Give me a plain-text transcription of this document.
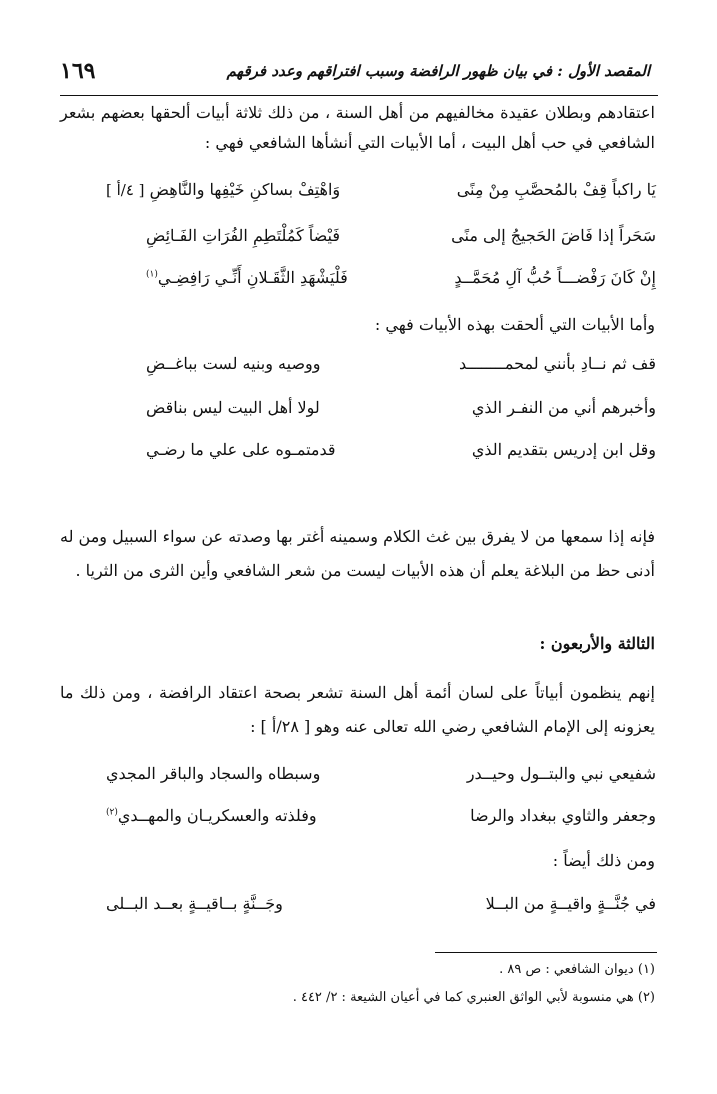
المقصد الأول : في بيان ظهور الرافضة وسبب افتراقهم وعدد فرقهم
١٦٩

اعتقادهم وبطلان عقيدة مخالفيهم من أهل السنة ، من ذلك ثلاثة أبيات ألحقها بعضهم بشعر الشافعي في حب أهل البيت ، أما الأبيات التي أنشأها الشافعي فهي :

يَا راكباً قِفْ بالمُحصَّبِ مِنْ مِنًى
وَاهْتِفْ بساكنِ خَيْفِها والنَّاهِضِ [ ٤/أ ]
سَحَراً إذا فَاضَ الحَجيجُ إلى منًى
فَيْضاً كَمُلْتَطِمِ الفُرَاتِ الفَـائِضِ
إِنْ كَانَ رَفْضـــاً حُبُّ آلِ مُحَمَّــدٍ
فَلْيَشْهَدِ الثَّقَـلانِ أَنِّـي رَافِضِـي$^{(١)}$

وأما الأبيات التي ألحقت بهذه الأبيات فهي :

قف ثم نــادِ بأنني لمحمــــــــد
ووصيه وبنيه لست بباغــضِ
وأخبرهم أني من النفـر الذي
لولا أهل البيت ليس بناقض
وقل ابن إدريس بتقديم الذي
قدمتمـوه على علي ما رضـي

فإنه إذا سمعها من لا يفرق بين غث الكلام وسمينه أغتر بها وصدته عن سواء السبيل ومن له أدنى حظ من البلاغة يعلم أن هذه الأبيات ليست من شعر الشافعي وأين الثرى من الثريا .

الثالثة والأربعون :

إنهم ينظمون أبياتاً على لسان أئمة أهل السنة تشعر بصحة اعتقاد الرافضة ، ومن ذلك ما يعزونه إلى الإمام الشافعي رضي الله تعالى عنه وهو [ ٢٨/أ ] :

شفيعي نبي والبتــول وحيــدر
وسبطاه والسجاد والباقر المجدي
وجعفر والثاوي ببغداد والرضا
وفلذته والعسكريـان والمهــدي$^{(٢)}$

ومن ذلك أيضاً :

في جُنَّــةٍ واقيــةٍ من البــلا
وجَــنَّةٍ بــاقيــةٍ بعــد البــلى
(١) ديوان الشافعي : ص ٨٩ .
(٢) هي منسوبة لأبي الواثق العنبري كما في أعيان الشيعة : ٢/ ٤٤٢ .
